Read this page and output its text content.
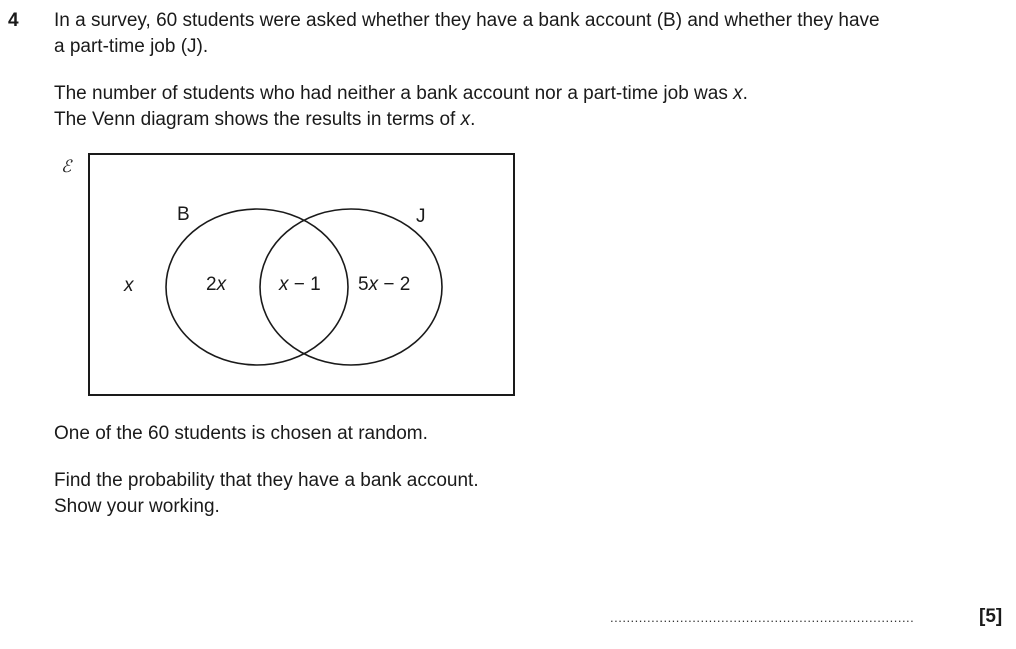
4 In a survey, 60 students were asked whether they have a bank account (B) and whether they have
a part-time job (J).
The number of students who had neither a bank account nor a part-time job was x.
The Venn diagram shows the results in terms of x.
ℰ
B	J
x	2x	x − 1 5x − 2
One of the 60 students is chosen at random.
Find the probability that they have a bank account.
Show your working.
..........................................................................	[5]
